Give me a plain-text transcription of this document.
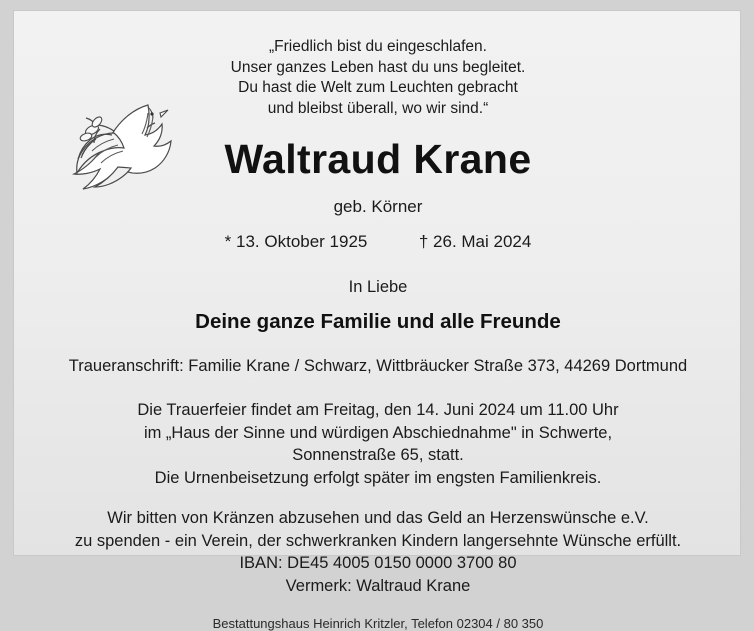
„Friedlich bist du eingeschlafen.
Unser ganzes Leben hast du uns begleitet.
Du hast die Welt zum Leuchten gebracht
und bleibst überall, wo wir sind.“
Waltraud Krane
geb. Körner
* 13. Oktober 1925	† 26. Mai 2024
In Liebe
Deine ganze Familie und alle Freunde
Traueranschrift: Familie Krane / Schwarz, Wittbräucker Straße 373, 44269 Dortmund
Die Trauerfeier findet am Freitag, den 14. Juni 2024 um 11.00 Uhr
im „Haus der Sinne und würdigen Abschiednahme" in Schwerte,
Sonnenstraße 65, statt.
Die Urnenbeisetzung erfolgt später im engsten Familienkreis.
Wir bitten von Kränzen abzusehen und das Geld an Herzenswünsche e.V.
zu spenden - ein Verein, der schwerkranken Kindern langersehnte Wünsche erfüllt.
IBAN: DE45 4005 0150 0000 3700 80
Vermerk: Waltraud Krane
Bestattungshaus Heinrich Kritzler, Telefon 02304 / 80 350
